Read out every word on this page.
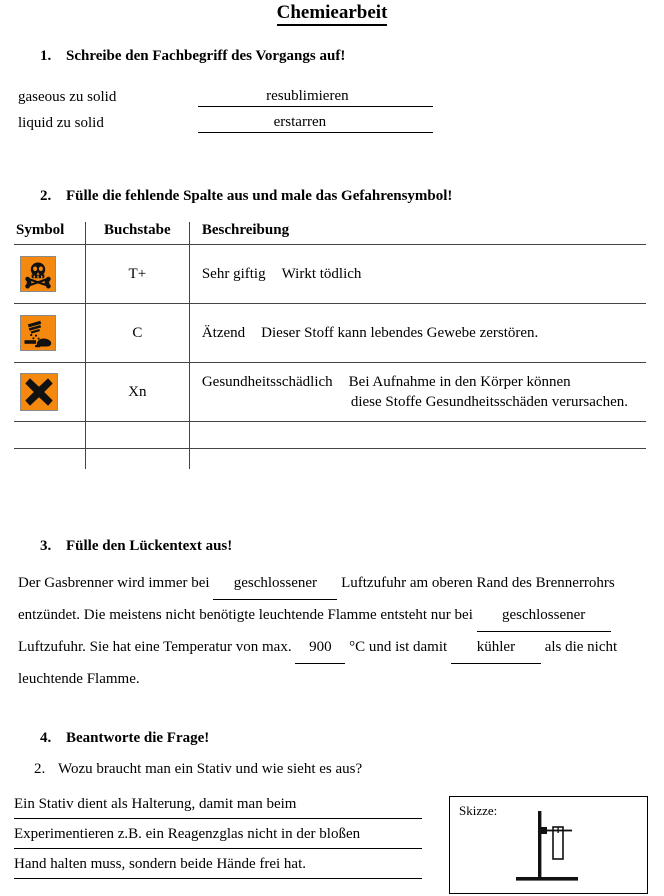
Chemiearbeit
1. Schreibe den Fachbegriff des Vorgangs auf!
gaseous zu solid	resublimieren
liquid zu solid	erstarren
2. Fülle die fehlende Spalte aus und male das Gefahrensymbol!
Symbol	Buchstabe	Beschreibung

	T+	Sehr giftig Wirkt tödlich

	C	Ätzend Dieser Stoff kann lebendes Gewebe zerstören.

	Xn	Gesundheitsschädlich Bei Aufnahme in den Körper können
diese Stoffe Gesundheitsschäden verursachen.

3. Fülle den Lückentext aus!
Der Gasbrenner wird immer bei geschlossener Luftzufuhr am oberen Rand des Brennerrohrs entzündet. Die meistens nicht benötigte leuchtende Flamme entsteht nur bei geschlossener Luftzufuhr. Sie hat eine Temperatur von max. 900 °C und ist damit kühler als die nicht leuchtende Flamme.
4. Beantworte die Frage!
2. Wozu braucht man ein Stativ und wie sieht es aus?
Ein Stativ dient als Halterung, damit man beim
Experimentieren z.B. ein Reagenzglas nicht in der bloßen
Hand halten muss, sondern beide Hände frei hat.
Skizze:
